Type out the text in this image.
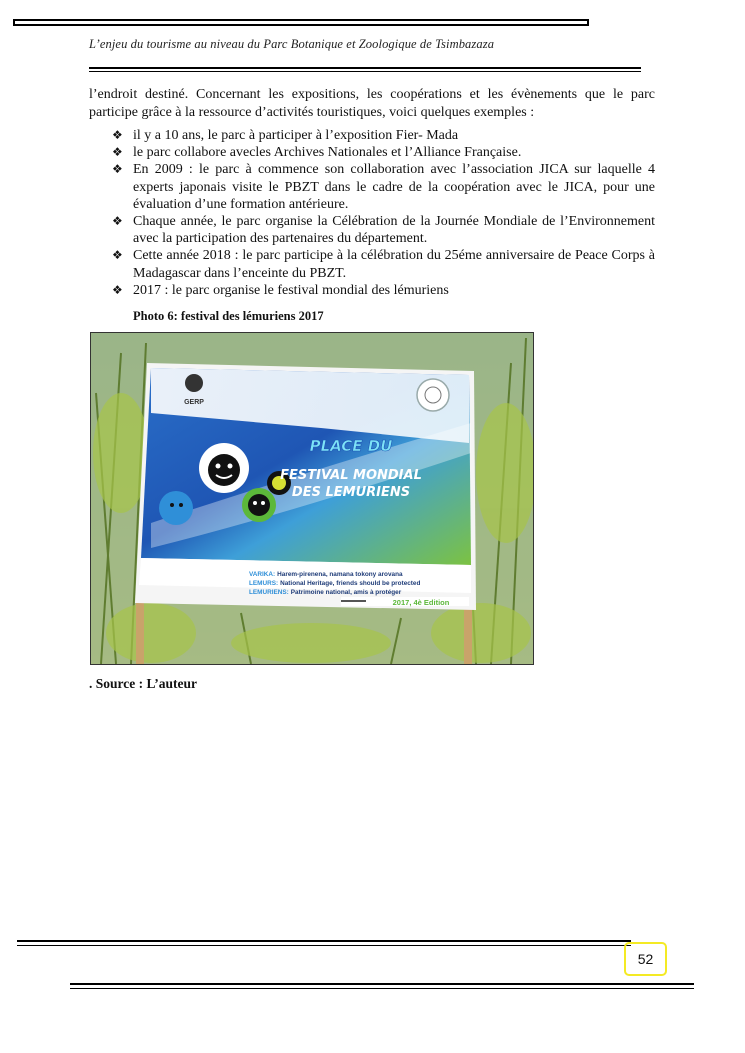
L’enjeu du tourisme au niveau du Parc Botanique et Zoologique de Tsimbazaza
l’endroit destiné. Concernant les expositions, les coopérations et les évènements que le parc participe grâce à la ressource d’activités touristiques, voici quelques exemples :
❖ il y a 10 ans, le parc à participer à l’exposition Fier- Mada
❖ le parc collabore avecles Archives Nationales et l’Alliance Française.
❖ En 2009 : le parc à commence son collaboration avec l’association JICA sur laquelle 4 experts japonais visite le PBZT dans le cadre de la coopération avec le JICA, pour une évaluation d’une formation antérieure.
❖ Chaque année, le parc organise la Célébration de la Journée Mondiale de l’Environnement avec la participation des partenaires du département.
❖ Cette année 2018 : le parc participe à la célébration du 25éme anniversaire de Peace Corps à Madagascar dans l’enceinte du PBZT.
❖ 2017 : le parc organise le festival mondial des lémuriens
Photo 6: festival des lémuriens 2017
GERP
PLACE DU
FESTIVAL MONDIAL
DES LEMURIENS
VARIKA: Harem-pirenena, namana tokony arovana
LEMURS: National Heritage, friends should be protected
LEMURIENS: Patrimoine national, amis à protéger
2017, 4è Edition
. Source : L’auteur
52
